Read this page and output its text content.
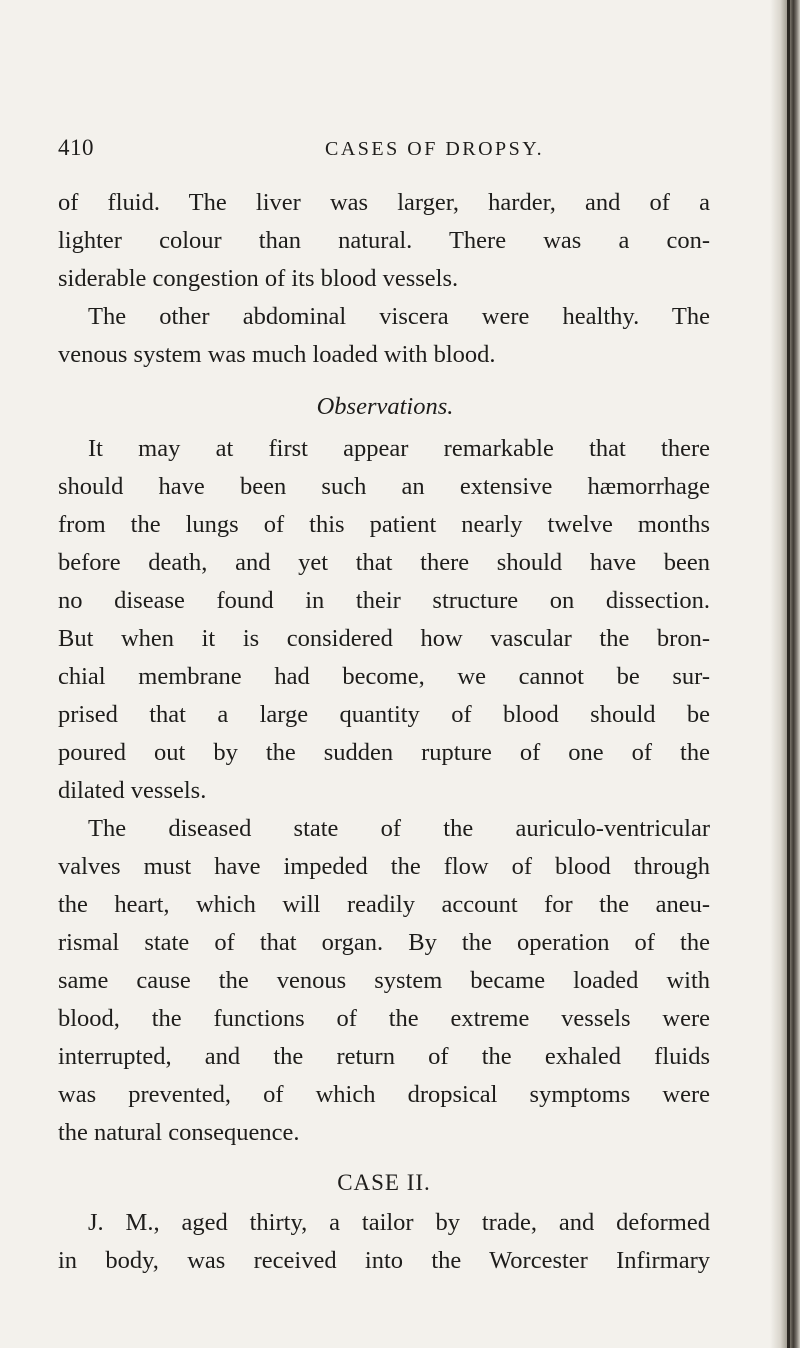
410	CASES OF DROPSY.

of fluid. The liver was larger, harder, and of a
lighter colour than natural. There was a con-
siderable congestion of its blood vessels.

The other abdominal viscera were healthy. The
venous system was much loaded with blood.

Observations.

It may at first appear remarkable that there
should have been such an extensive hæmorrhage
from the lungs of this patient nearly twelve months
before death, and yet that there should have been
no disease found in their structure on dissection.
But when it is considered how vascular the bron-
chial membrane had become, we cannot be sur-
prised that a large quantity of blood should be
poured out by the sudden rupture of one of the
dilated vessels.

The diseased state of the auriculo-ventricular
valves must have impeded the flow of blood through
the heart, which will readily account for the aneu-
rismal state of that organ. By the operation of the
same cause the venous system became loaded with
blood, the functions of the extreme vessels were
interrupted, and the return of the exhaled fluids
was prevented, of which dropsical symptoms were
the natural consequence.

CASE II.

J. M., aged thirty, a tailor by trade, and deformed
in body, was received into the Worcester Infirmary
